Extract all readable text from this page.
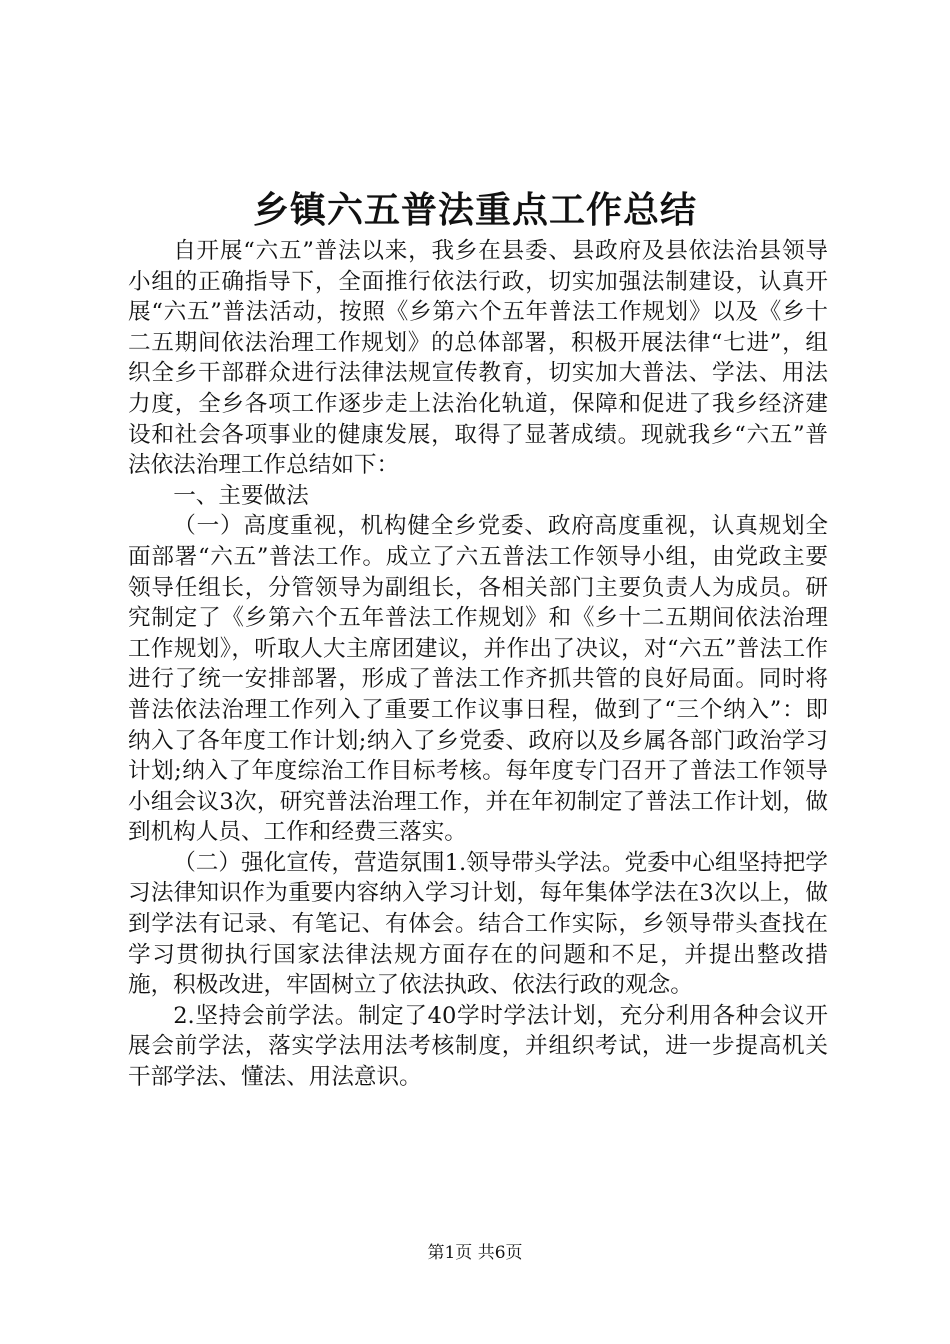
乡镇六五普法重点工作总结

自开展“六五”普法以来，我乡在县委、县政府及县依法治县领导小组的正确指导下，全面推行依法行政，切实加强法制建设，认真开展“六五”普法活动，按照《乡第六个五年普法工作规划》以及《乡十二五期间依法治理工作规划》的总体部署，积极开展法律“七进”，组织全乡干部群众进行法律法规宣传教育，切实加大普法、学法、用法力度，全乡各项工作逐步走上法治化轨道，保障和促进了我乡经济建设和社会各项事业的健康发展，取得了显著成绩。现就我乡“六五”普法依法治理工作总结如下：

一、主要做法

（一）高度重视，机构健全乡党委、政府高度重视，认真规划全面部署“六五”普法工作。成立了六五普法工作领导小组，由党政主要领导任组长，分管领导为副组长，各相关部门主要负责人为成员。研究制定了《乡第六个五年普法工作规划》和《乡十二五期间依法治理工作规划》，听取人大主席团建议，并作出了决议，对“六五”普法工作进行了统一安排部署，形成了普法工作齐抓共管的良好局面。同时将普法依法治理工作列入了重要工作议事日程，做到了“三个纳入”：即纳入了各年度工作计划;纳入了乡党委、政府以及乡属各部门政治学习计划;纳入了年度综治工作目标考核。每年度专门召开了普法工作领导小组会议3次，研究普法治理工作，并在年初制定了普法工作计划，做到机构人员、工作和经费三落实。

（二）强化宣传，营造氛围1.领导带头学法。党委中心组坚持把学习法律知识作为重要内容纳入学习计划，每年集体学法在3次以上，做到学法有记录、有笔记、有体会。结合工作实际，乡领导带头查找在学习贯彻执行国家法律法规方面存在的问题和不足，并提出整改措施，积极改进，牢固树立了依法执政、依法行政的观念。

2.坚持会前学法。制定了40学时学法计划，充分利用各种会议开展会前学法，落实学法用法考核制度，并组织考试，进一步提高机关干部学法、懂法、用法意识。

第1页 共6页
